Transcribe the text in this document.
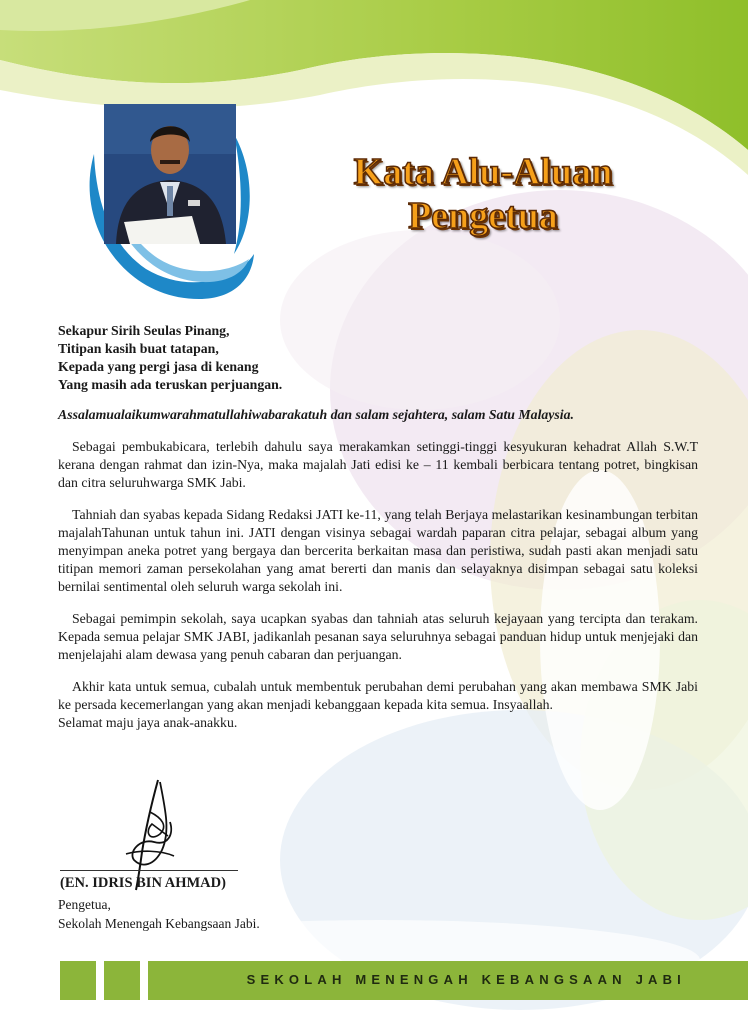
Kata Alu-Aluan
Pengetua
Sekapur Sirih Seulas Pinang,
Titipan kasih buat tatapan,
Kepada yang pergi jasa di kenang
Yang masih ada teruskan perjuangan.
Assalamualaikumwarahmatullahiwabarakatuh dan salam sejahtera, salam Satu Malaysia.
Sebagai pembukabicara, terlebih dahulu saya merakamkan setinggi-tinggi kesyukuran kehadrat Allah S.W.T kerana dengan rahmat dan izin-Nya, maka majalah Jati edisi ke – 11 kembali berbicara tentang potret, bingkisan dan citra seluruhwarga SMK Jabi.
Tahniah dan syabas kepada Sidang Redaksi JATI ke-11, yang telah Berjaya melastarikan kesinambungan terbitan majalahTahunan untuk tahun ini. JATI dengan visinya sebagai wardah paparan citra pelajar, sebagai album yang menyimpan aneka potret yang bergaya dan bercerita berkaitan masa dan peristiwa, sudah pasti akan menjadi satu titipan memori zaman persekolahan yang amat bererti dan manis dan selayaknya disimpan sebagai satu koleksi bernilai sentimental oleh seluruh warga sekolah ini.
Sebagai pemimpin sekolah, saya ucapkan syabas dan tahniah atas seluruh kejayaan yang tercipta dan terakam. Kepada semua pelajar SMK JABI, jadikanlah pesanan saya seluruhnya sebagai panduan hidup untuk menjejaki dan menjelajahi alam dewasa yang penuh cabaran dan perjuangan.
Akhir kata untuk semua, cubalah untuk membentuk perubahan demi perubahan yang akan membawa SMK Jabi ke persada kecemerlangan yang akan menjadi kebanggaan kepada kita semua. Insyaallah.
Selamat maju jaya anak-anakku.
(EN. IDRIS BIN AHMAD)
Pengetua,
Sekolah Menengah Kebangsaan Jabi.
SEKOLAH MENENGAH KEBANGSAAN JABI
